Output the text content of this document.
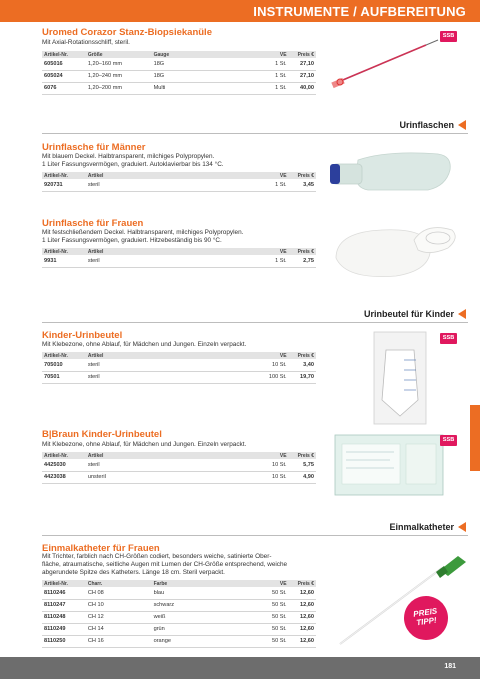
INSTRUMENTE / AUFBEREITUNG
Uromed Corazor Stanz-Biopsiekanüle
Mit Axial-Rotationsschliff, steril.
Artikel-Nr.	Größe	Gauge	VE	Preis €
605016	1,20–160 mm	18G	1 St.	27,10
605024	1,20–240 mm	18G	1 St.	27,10
6076	1,20–200 mm	Multi	1 St.	40,00
SSB
Urinflaschen
Urinflasche für Männer
Mit blauem Deckel. Halbtransparent, milchiges Polypropylen.
1 Liter Fassungsvermögen, graduiert. Autoklavierbar bis 134 °C.
Artikel-Nr.	Artikel	VE	Preis €
920731	steril	1 St.	3,45
Urinflasche für Frauen
Mit festschließendem Deckel. Halbtransparent, milchiges Polypropylen.
1 Liter Fassungsvermögen, graduiert. Hitzebeständig bis 90 °C.
Artikel-Nr.	Artikel	VE	Preis €
9931	steril	1 St.	2,75
Urinbeutel für Kinder
Kinder-Urinbeutel
Mit Klebezone, ohne Ablauf, für Mädchen und Jungen. Einzeln verpackt.
Artikel-Nr.	Artikel	VE	Preis €
705010	steril	10 St.	3,40
70501	steril	100 St.	19,70
SSB
B|Braun Kinder-Urinbeutel
Mit Klebezone, ohne Ablauf, für Mädchen und Jungen. Einzeln verpackt.
Artikel-Nr.	Artikel	VE	Preis €
4425030	steril	10 St.	5,75
4423038	unsteril	10 St.	4,90
SSB
Einmalkatheter
Einmalkatheter für Frauen
Mit Trichter, farblich nach CH-Größen codiert, besonders weiche, satinierte Ober-
fläche, atraumatische, seitliche Augen mit Lumen der CH-Größe entsprechend, weiche
abgerundete Spitze des Katheters. Länge 18 cm. Steril verpackt.
Artikel-Nr.	Charr.	Farbe	VE	Preis €
8110246	CH 08	blau	50 St.	12,60
8110247	CH 10	schwarz	50 St.	12,60
8110248	CH 12	weiß	50 St.	12,60
8110249	CH 14	grün	50 St.	12,60
8110250	CH 16	orange	50 St.	12,60
PREIS
TIPP!
181
